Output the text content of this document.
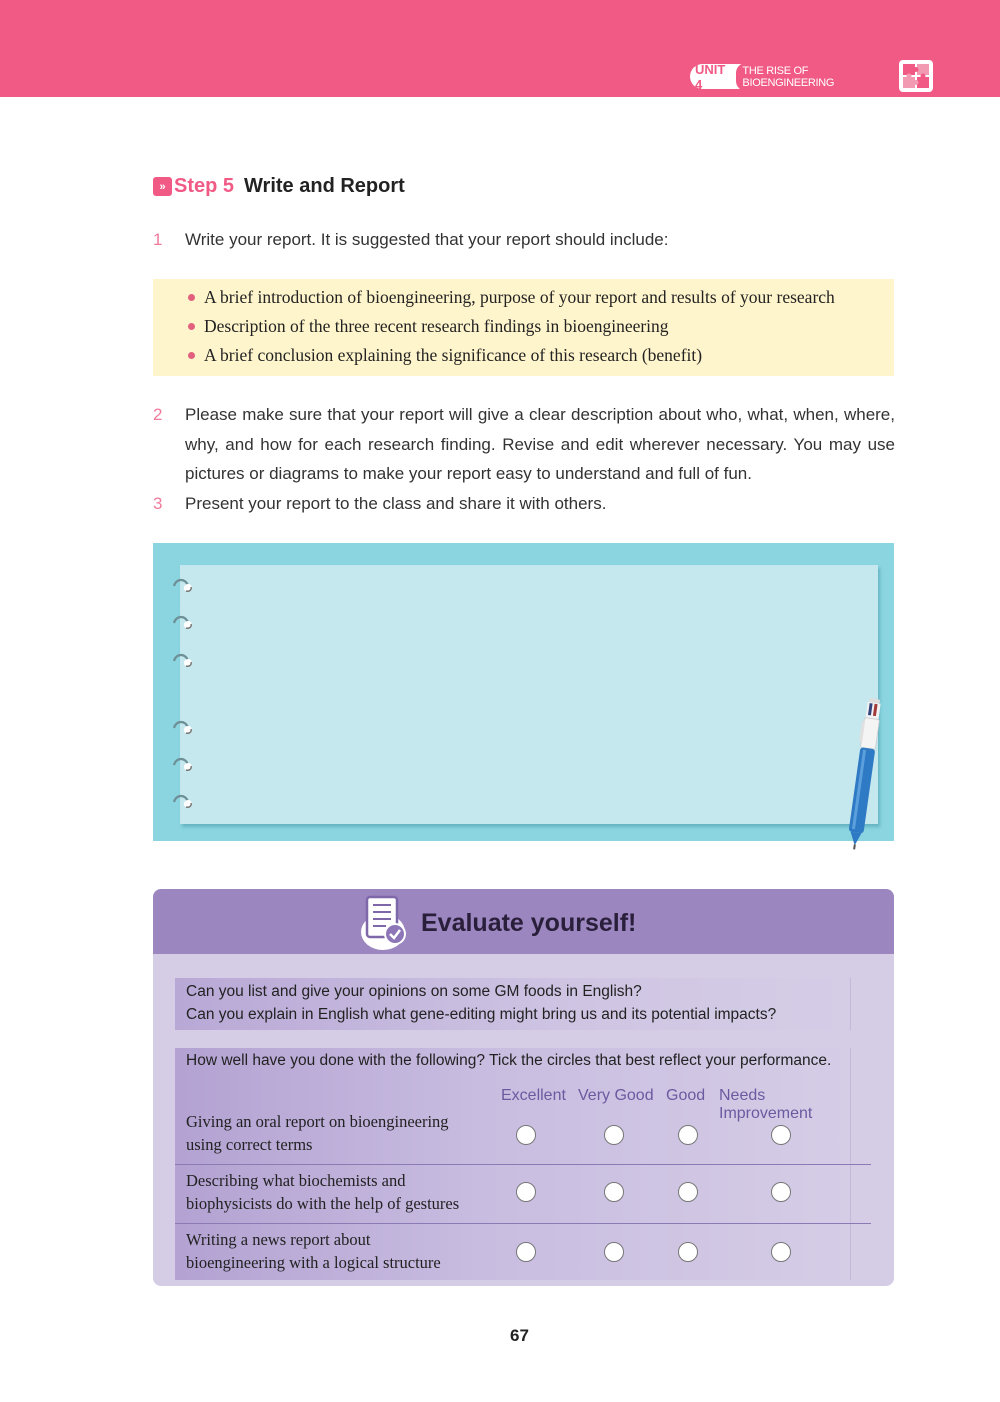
UNIT 4
THE RISE OF BIOENGINEERING
» Step 5 Write and Report
1 Write your report. It is suggested that your report should include:
A brief introduction of bioengineering, purpose of your report and results of your research
Description of the three recent research findings in bioengineering
A brief conclusion explaining the significance of this research (benefit)
2 Please make sure that your report will give a clear description about who, what, when, where, why, and how for each research finding. Revise and edit wherever necessary. You may use pictures or diagrams to make your report easy to understand and full of fun.
3 Present your report to the class and share it with others.
Evaluate yourself!
Can you list and give your opinions on some GM foods in English?
Can you explain in English what gene-editing might bring us and its potential impacts?
How well have you done with the following? Tick the circles that best reflect your performance.
Excellent Very Good Good Needs Improvement
Giving an oral report on bioengineering
using correct terms
Describing what biochemists and
biophysicists do with the help of gestures
Writing a news report about
bioengineering with a logical structure
67
